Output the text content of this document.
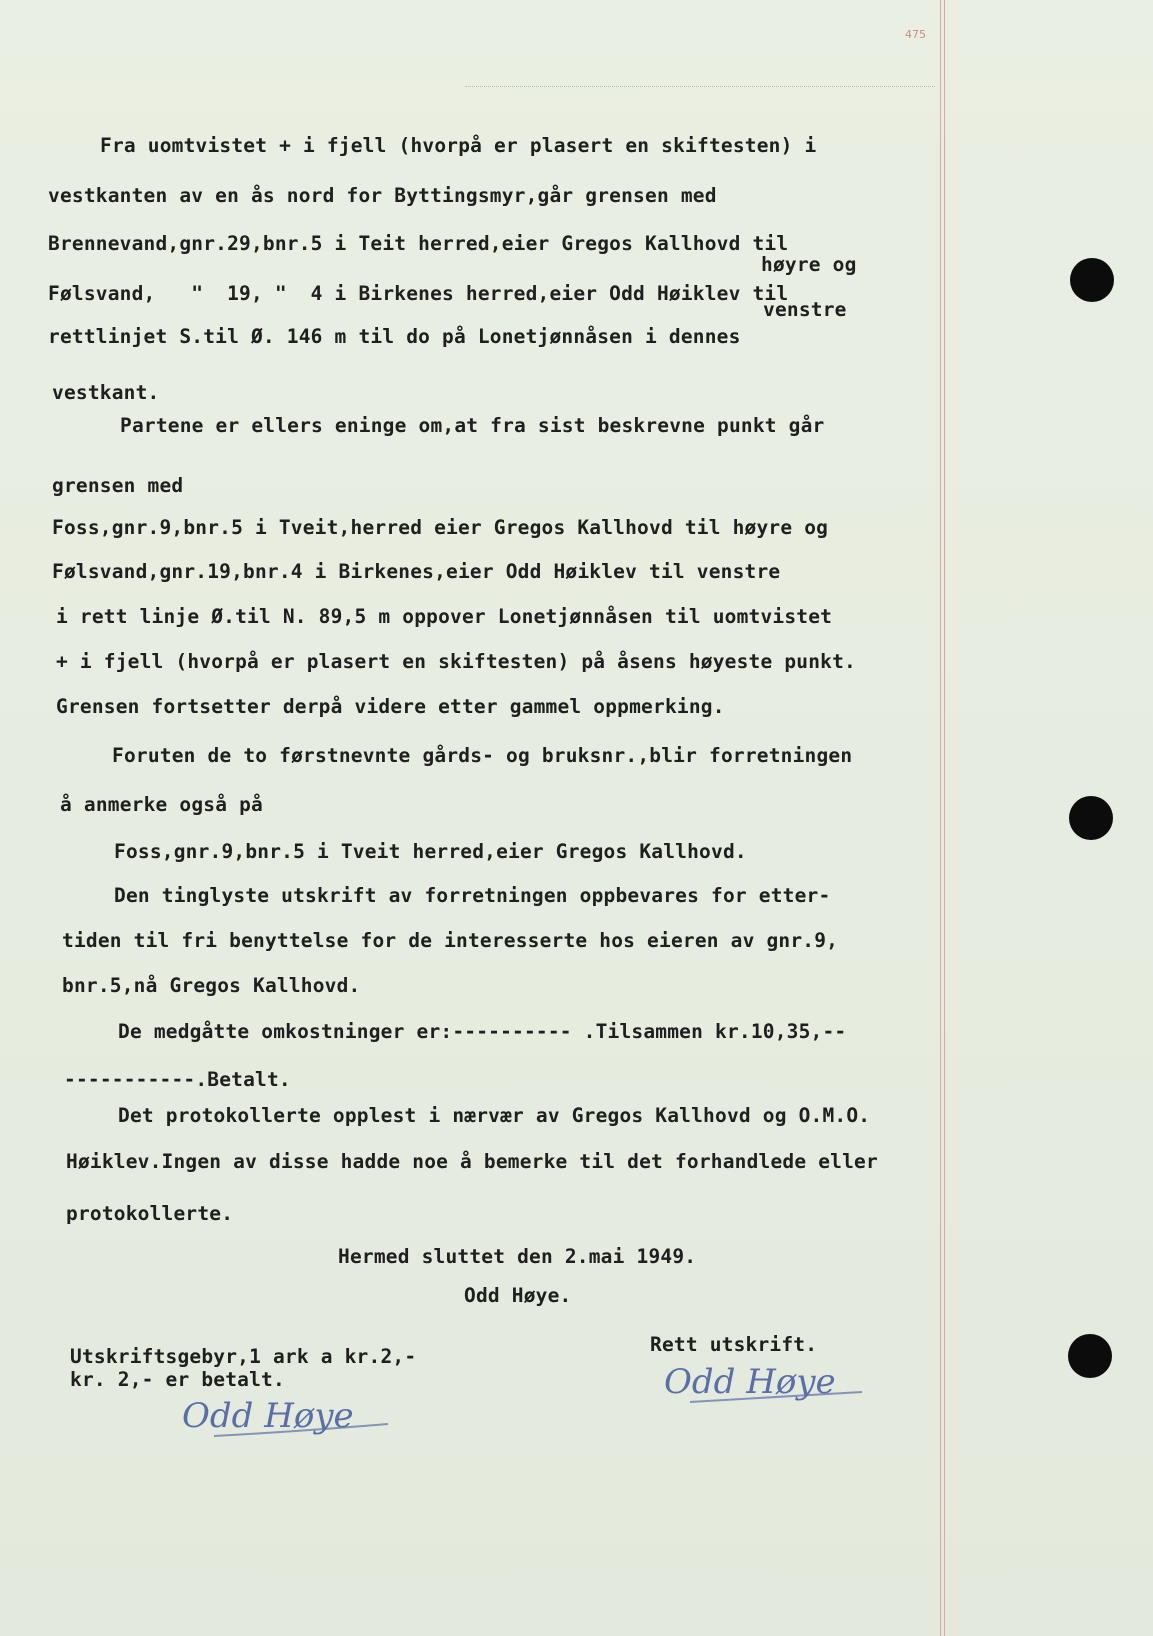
475
Fra uomtvistet + i fjell (hvorpå er plasert en skiftesten) i
vestkanten av en ås nord for Byttingsmyr,går grensen med
Brennevand,gnr.29,bnr.5 i Teit herred,eier Gregos Kallhovd til
høyre og
Følsvand,   "  19, "  4 i Birkenes herred,eier Odd Høiklev til
venstre
rettlinjet S.til Ø. 146 m til do på Lonetjønnåsen i dennes
vestkant.
Partene er ellers eninge om,at fra sist beskrevne punkt går
grensen med
Foss,gnr.9,bnr.5 i Tveit,herred eier Gregos Kallhovd til høyre og
Følsvand,gnr.19,bnr.4 i Birkenes,eier Odd Høiklev til venstre
i rett linje Ø.til N. 89,5 m oppover Lonetjønnåsen til uomtvistet
+ i fjell (hvorpå er plasert en skiftesten) på åsens høyeste punkt.
Grensen fortsetter derpå videre etter gammel oppmerking.
Foruten de to førstnevnte gårds- og bruksnr.,blir forretningen
å anmerke også på
Foss,gnr.9,bnr.5 i Tveit herred,eier Gregos Kallhovd.
Den tinglyste utskrift av forretningen oppbevares for etter-
tiden til fri benyttelse for de interesserte hos eieren av gnr.9,
bnr.5,nå Gregos Kallhovd.
De medgåtte omkostninger er:---------- .Tilsammen kr.10,35,--
-----------.Betalt.
Det protokollerte opplest i nærvær av Gregos Kallhovd og O.M.O.
Høiklev.Ingen av disse hadde noe å bemerke til det forhandlede eller
protokollerte.
Hermed sluttet den 2.mai 1949.
Odd Høye.
Rett utskrift.
Utskriftsgebyr,1 ark a kr.2,-
kr. 2,- er betalt.	Odd Høye
Odd Høye
